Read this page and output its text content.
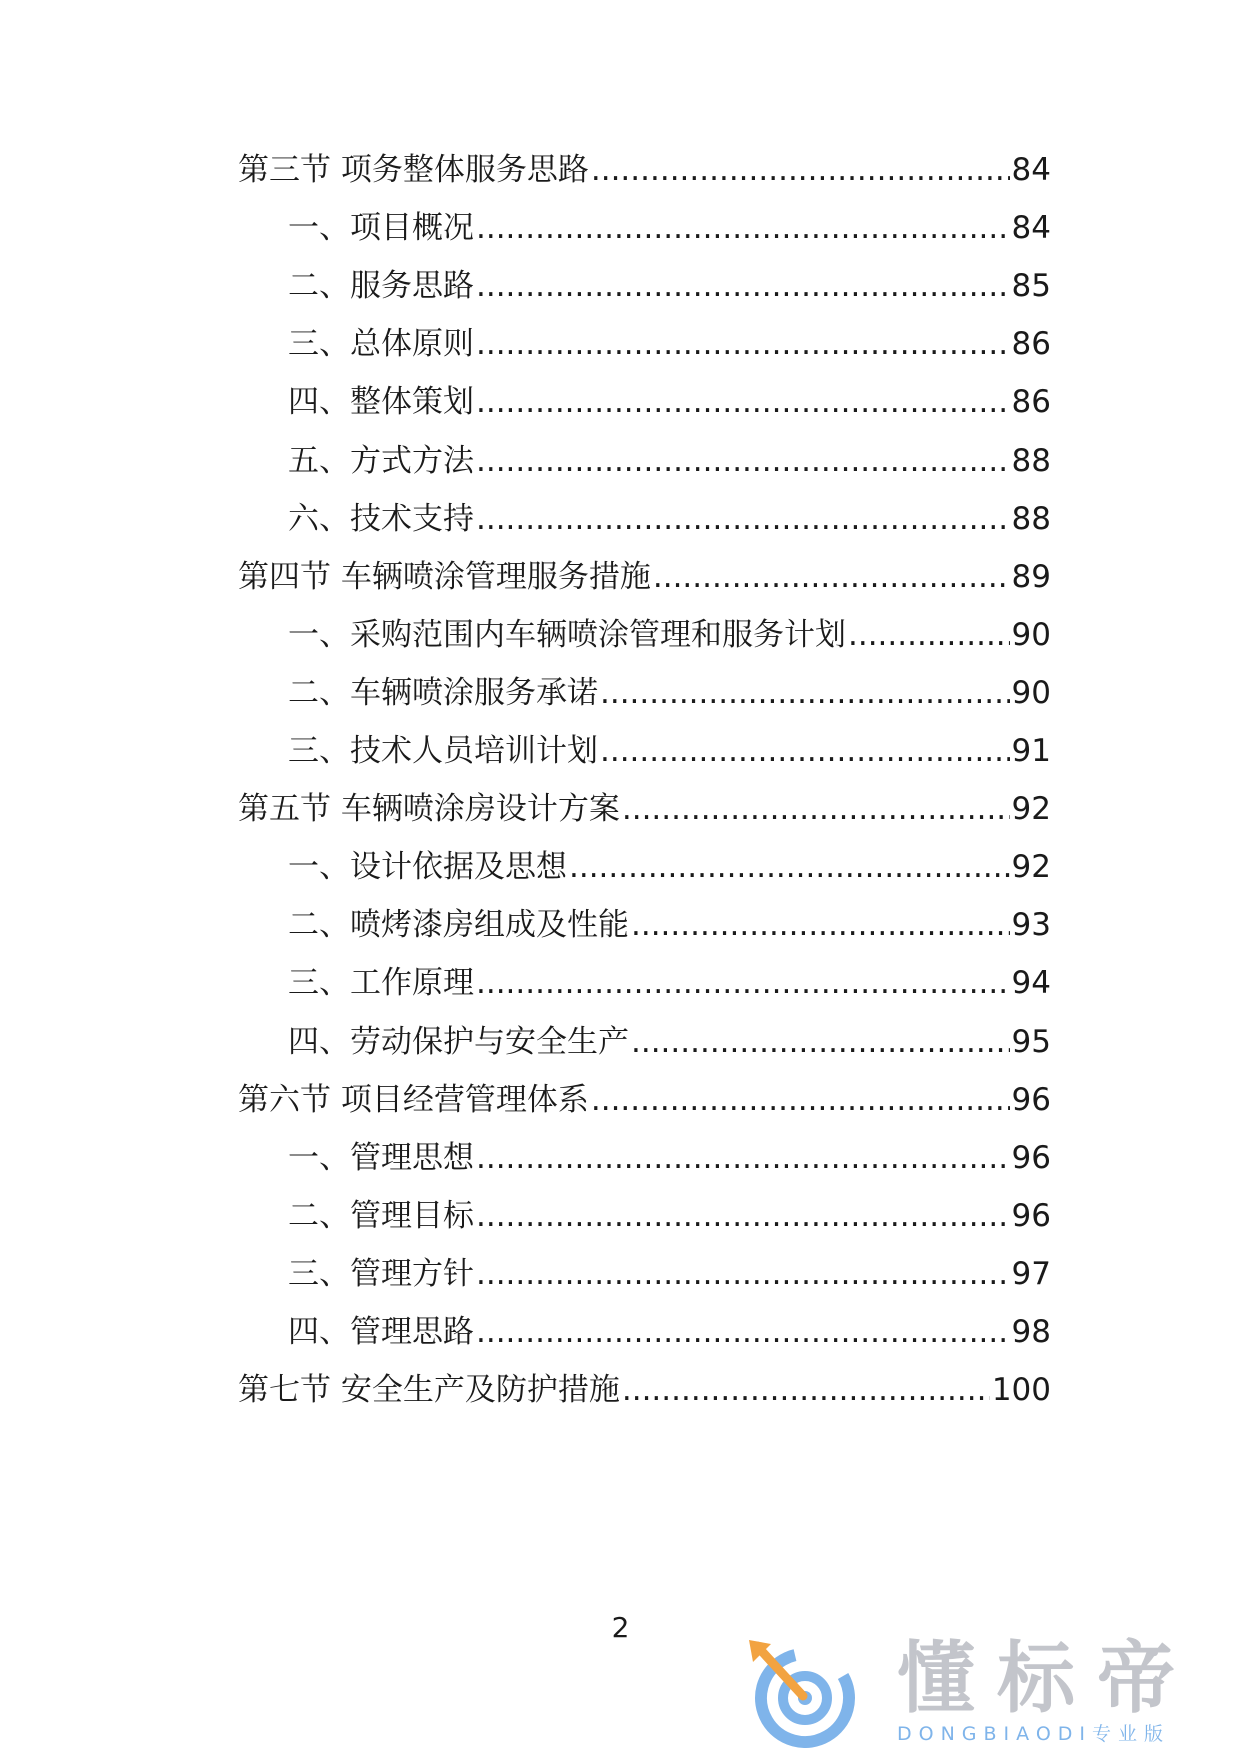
第三节 项务整体服务思路 .....	84
一、项目概况 .....	84
二、服务思路 .....	85
三、总体原则 .....	86
四、整体策划 .....	86
五、方式方法 .....	88
六、技术支持 .....	88
第四节 车辆喷涂管理服务措施 .....	89
一、采购范围内车辆喷涂管理和服务计划 .....	90
二、车辆喷涂服务承诺 .....	90
三、技术人员培训计划 .....	91
第五节 车辆喷涂房设计方案 .....	92
一、设计依据及思想 .....	92
二、喷烤漆房组成及性能 .....	93
三、工作原理 .....	94
四、劳动保护与安全生产 .....	95
第六节 项目经营管理体系 .....	96
一、管理思想 .....	96
二、管理目标 .....	96
三、管理方针 .....	97
四、管理思路 .....	98
第七节 安全生产及防护措施 .....	100
2
懂标帝
DONGBIAODI专业版
